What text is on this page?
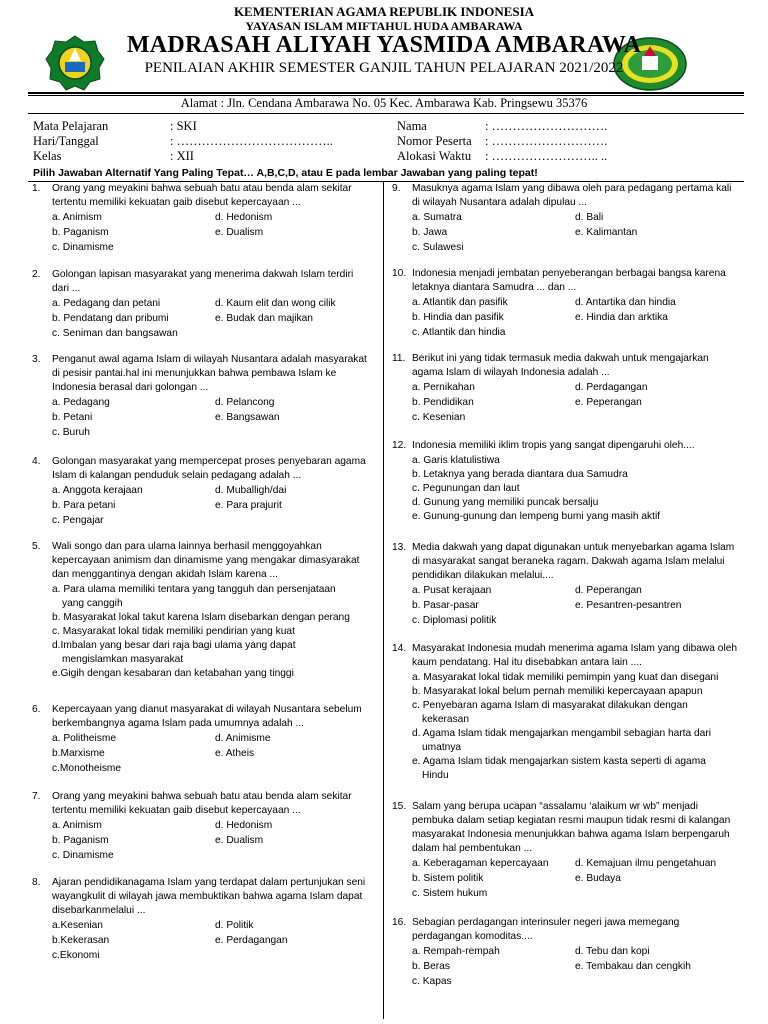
KEMENTERIAN AGAMA REPUBLIK INDONESIA
YAYASAN ISLAM MIFTAHUL HUDA AMBARAWA
MADRASAH ALIYAH YASMIDA AMBARAWA
PENILAIAN AKHIR SEMESTER GANJIL TAHUN PELAJARAN 2021/2022
Alamat : Jln. Cendana Ambarawa No. 05 Kec. Ambarawa Kab. Pringsewu 35376
Mata Pelajaran	: SKI
Hari/Tanggal	: ………………………………..
Kelas	: XII
Nama	: ……………………….
Nomor Peserta : ……………………….
Alokasi Waktu : …………………….. ..
Pilih Jawaban Alternatif Yang Paling Tepat… A,B,C,D, atau E pada lembar Jawaban yang paling tepat!
1. Orang yang meyakini bahwa sebuah batu atau benda alam sekitar tertentu memiliki kekuatan gaib disebut kepercayaan ...
a. Animism	d. Hedonism
b. Paganism	e. Dualism
c. Dinamisme
2. Golongan lapisan masyarakat yang menerima dakwah Islam terdiri dari ...
a. Pedagang dan petani	d. Kaum elit dan wong cilik
b. Pendatang dan pribumi	e. Budak dan majikan
c. Seniman dan bangsawan
3. Penganut awal agama Islam di wilayah Nusantara adalah masyarakat di pesisir pantai.hal ini menunjukkan bahwa pembawa Islam ke Indonesia berasal dari golongan ...
a. Pedagang	d. Pelancong
b. Petani	e. Bangsawan
c. Buruh
4. Golongan masyarakat yang mempercepat proses penyebaran agama Islam di kalangan penduduk selain pedagang adalah ...
a. Anggota kerajaan	d. Muballigh/dai
b. Para petani	e. Para prajurit
c. Pengajar
5. Wali songo dan para ulama lainnya berhasil menggoyahkan kepercayaan animism dan dinamisme yang mengakar dimasyarakat dan menggantinya dengan akidah Islam karena ...
a. Para ulama memiliki tentara yang tangguh dan persenjataan yang canggih
b. Masyarakat lokal takut karena Islam disebarkan dengan perang
c. Masyarakat lokal tidak memiliki pendirian yang kuat
d.Imbalan yang besar dari raja bagi ulama yang dapat mengislamkan masyarakat
e.Gigih dengan kesabaran dan ketabahan yang tinggi
6. Kepercayaan yang dianut masyarakat di wilayah Nusantara sebelum berkembangnya agama Islam pada umumnya adalah ...
a. Politheisme	d. Animisme
b.Marxisme	e. Atheis
c.Monotheisme
7. Orang yang meyakini bahwa sebuah batu atau benda alam sekitar tertentu memiliki kekuatan gaib disebut kepercayaan ...
a. Animism	d. Hedonism
b. Paganism	e. Dualism
c. Dinamisme
8. Ajaran pendidikanagama Islam yang terdapat dalam pertunjukan seni wayangkulit di wilayah jawa membuktikan bahwa agama Islam dapat disebarkanmelalui ...
a.Kesenian	d. Politik
b.Kekerasan	e. Perdagangan
c.Ekonomi
9. Masuknya agama Islam yang dibawa oleh para pedagang pertama kali di wilayah Nusantara adalah dipulau ...
a. Sumatra	d. Bali
b. Jawa	e. Kalimantan
c. Sulawesi
10. Indonesia menjadi jembatan penyeberangan berbagai bangsa karena letaknya diantara Samudra ... dan ...
a. Atlantik dan pasifik	d. Antartika dan hindia
b. Hindia dan pasifik	e. Hindia dan arktika
c. Atlantik dan hindia
11. Berikut ini yang tidak termasuk media dakwah untuk mengajarkan agama Islam di wilayah Indonesia adalah ...
a. Pernikahan	d. Perdagangan
b. Pendidikan	e. Peperangan
c. Kesenian
12. Indonesia memiliki iklim tropis yang sangat dipengaruhi oleh....
a. Garis klatulistiwa
b. Letaknya yang berada diantara dua Samudra
c. Pegunungan dan laut
d. Gunung yang memiliki puncak bersalju
e. Gunung-gunung dan lempeng bumi yang masih aktif
13. Media dakwah yang dapat digunakan untuk menyebarkan agama Islam di masyarakat sangat beraneka ragam. Dakwah agama Islam melalui pendidikan dilakukan melalui....
a. Pusat kerajaan	d. Peperangan
b. Pasar-pasar	e. Pesantren-pesantren
c. Diplomasi politik
14. Masyarakat Indonesia mudah menerima agama Islam yang dibawa oleh kaum pendatang. Hal itu disebabkan antara lain ....
a. Masyarakat lokal tidak memiliki pemimpin yang kuat dan disegani
b. Masyarakat lokal belum pernah memiliki kepercayaan apapun
c. Penyebaran agama Islam di masyarakat dilakukan dengan kekerasan
d. Agama Islam tidak mengajarkan mengambil sebagian harta dari umatnya
e. Agama Islam tidak mengajarkan sistem kasta seperti di agama Hindu
15. Salam yang berupa ucapan “assalamu ‘alaikum wr wb” menjadi pembuka dalam setiap kegiatan resmi maupun tidak resmi di kalangan masyarakat Indonesia menunjukkan bahwa agama Islam berpengaruh dalam hal pembentukan ...
a. Keberagaman kepercayaan	d. Kemajuan ilmu pengetahuan
b. Sistem politik	e. Budaya
c. Sistem hukum
16. Sebagian perdagangan interinsuler negeri jawa memegang perdagangan komoditas....
a. Rempah-rempah	d. Tebu dan kopi
b. Beras	e. Tembakau dan cengkih
c. Kapas
